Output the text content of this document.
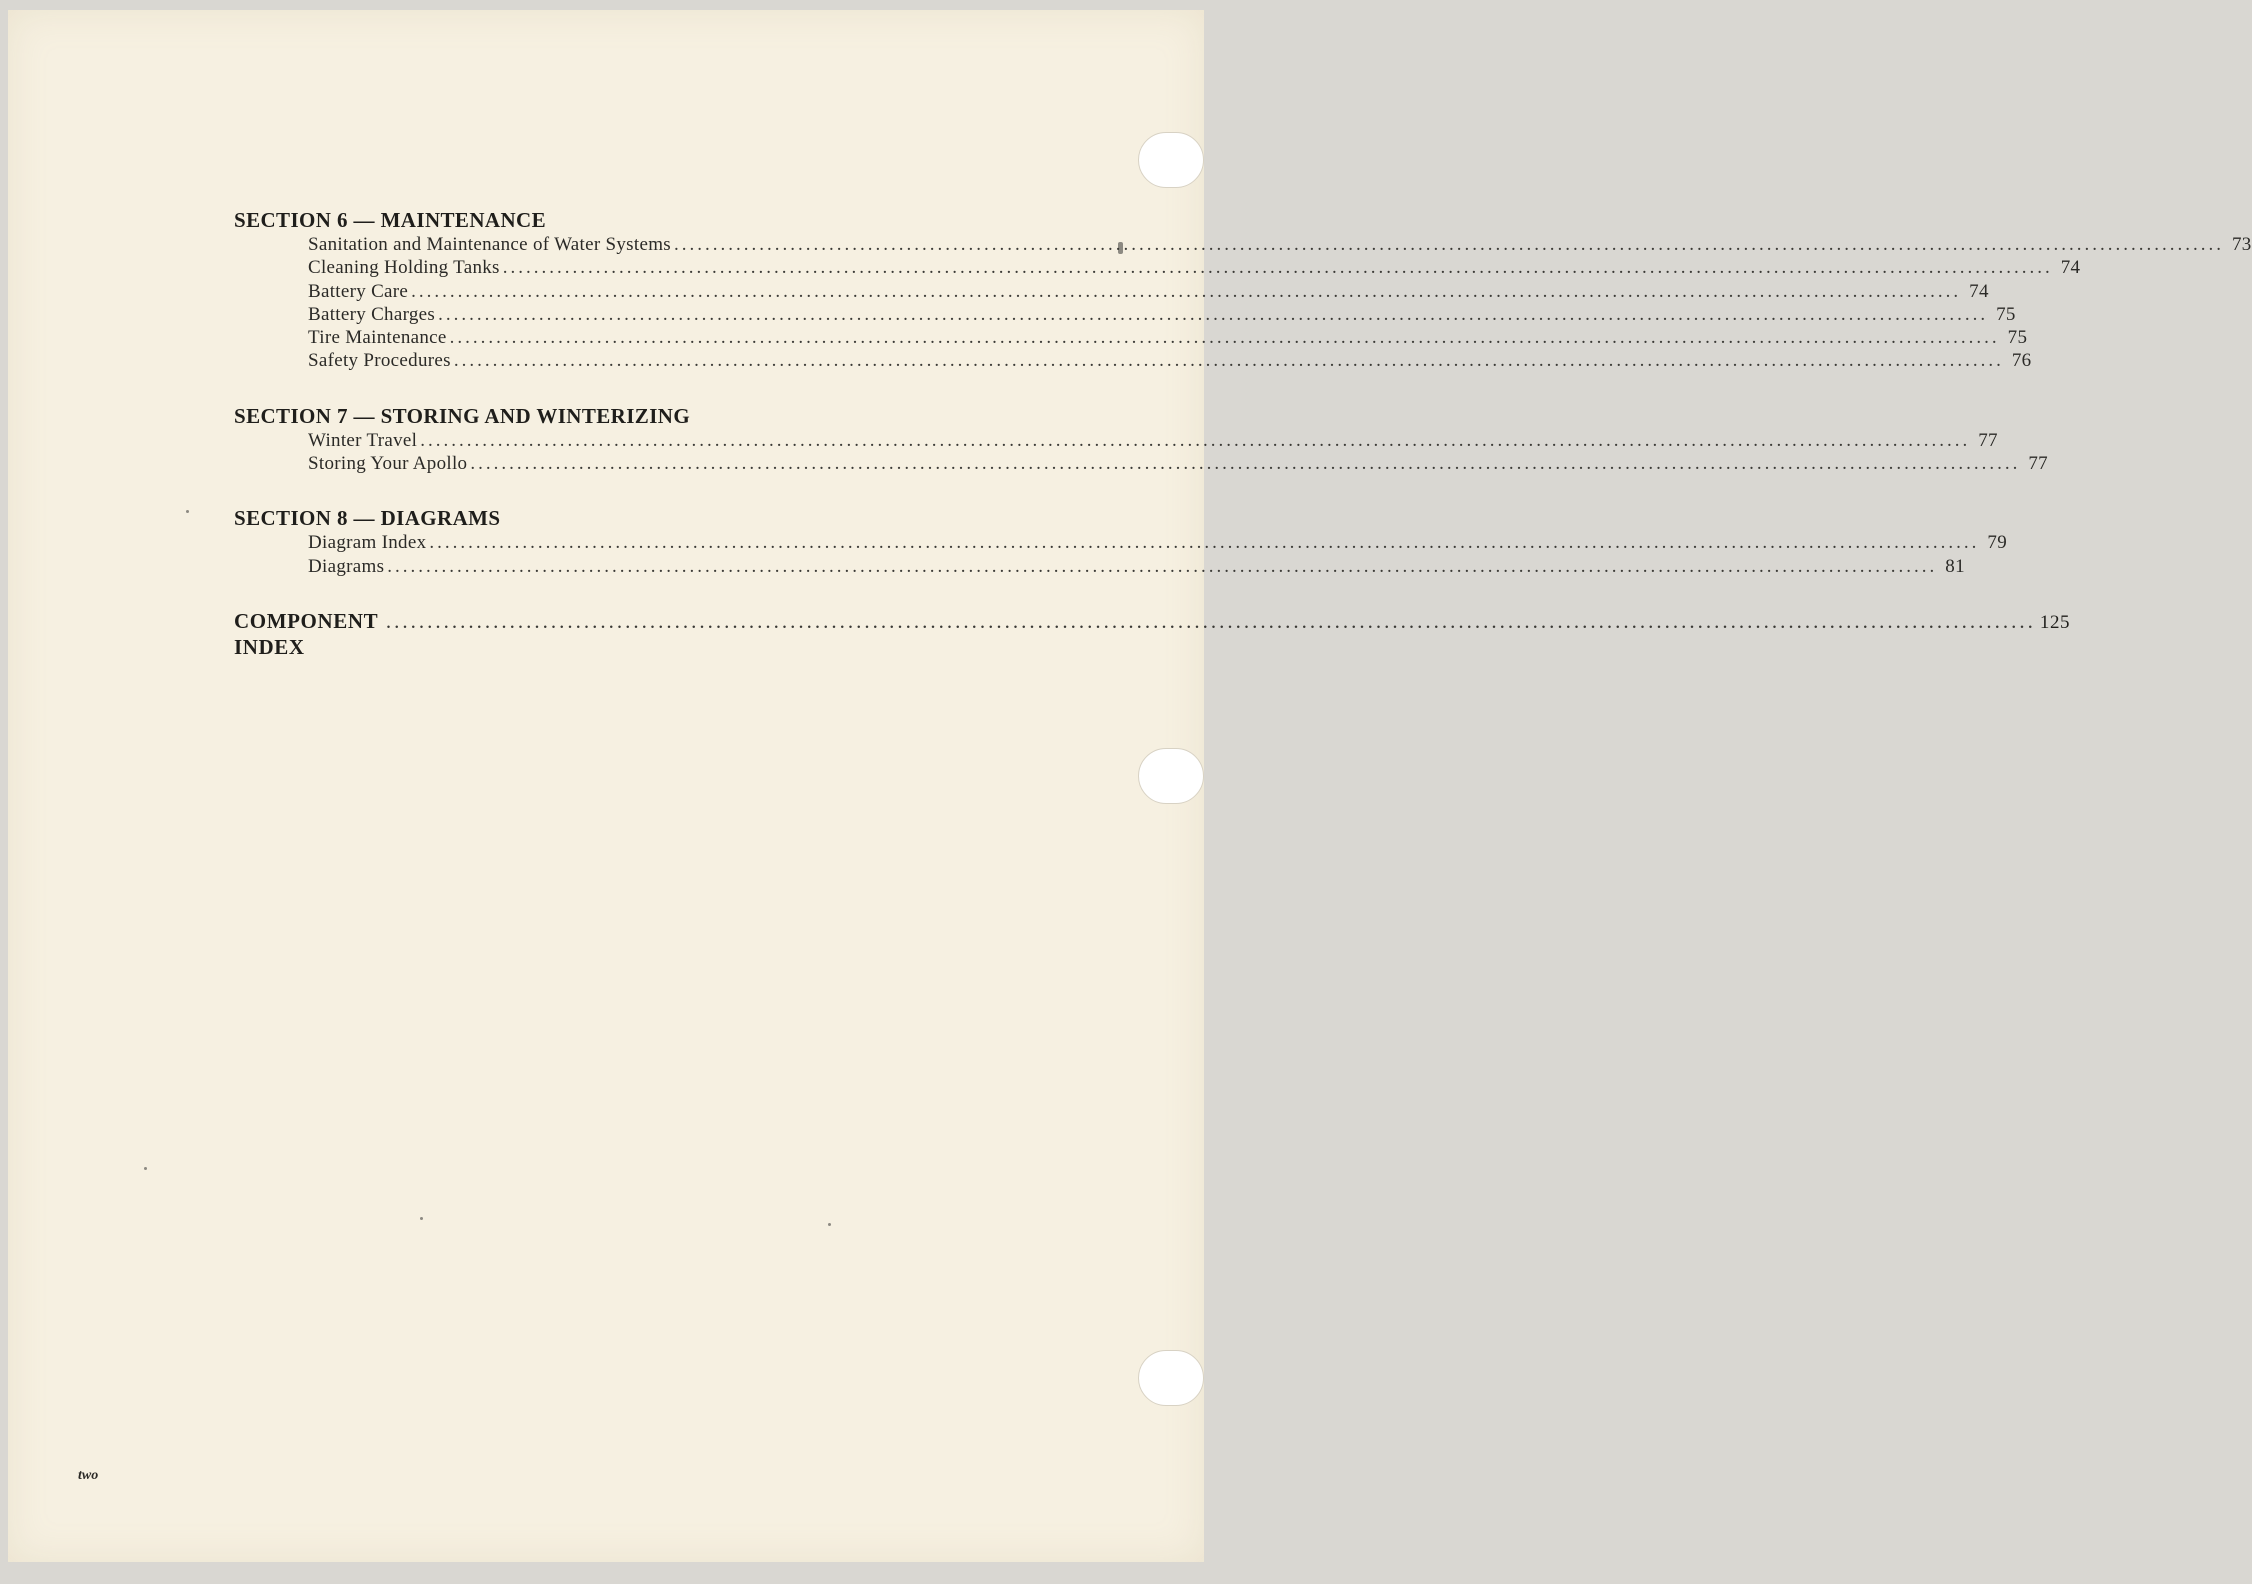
SECTION 6 — MAINTENANCE

Sanitation and Maintenance of Water Systems ........................................................................................................................................................................................................ 73
Cleaning Holding Tanks ........................................................................................................................................................................................................ 74
Battery Care ........................................................................................................................................................................................................ 74
Battery Charges ........................................................................................................................................................................................................ 75
Tire Maintenance ........................................................................................................................................................................................................ 75
Safety Procedures ........................................................................................................................................................................................................ 76

SECTION 7 — STORING AND WINTERIZING

Winter Travel ........................................................................................................................................................................................................ 77
Storing Your Apollo ........................................................................................................................................................................................................ 77

SECTION 8 — DIAGRAMS

Diagram Index ........................................................................................................................................................................................................ 79
Diagrams ........................................................................................................................................................................................................ 81
COMPONENT INDEX
........................................................................................................................................................................................................ 125
two
